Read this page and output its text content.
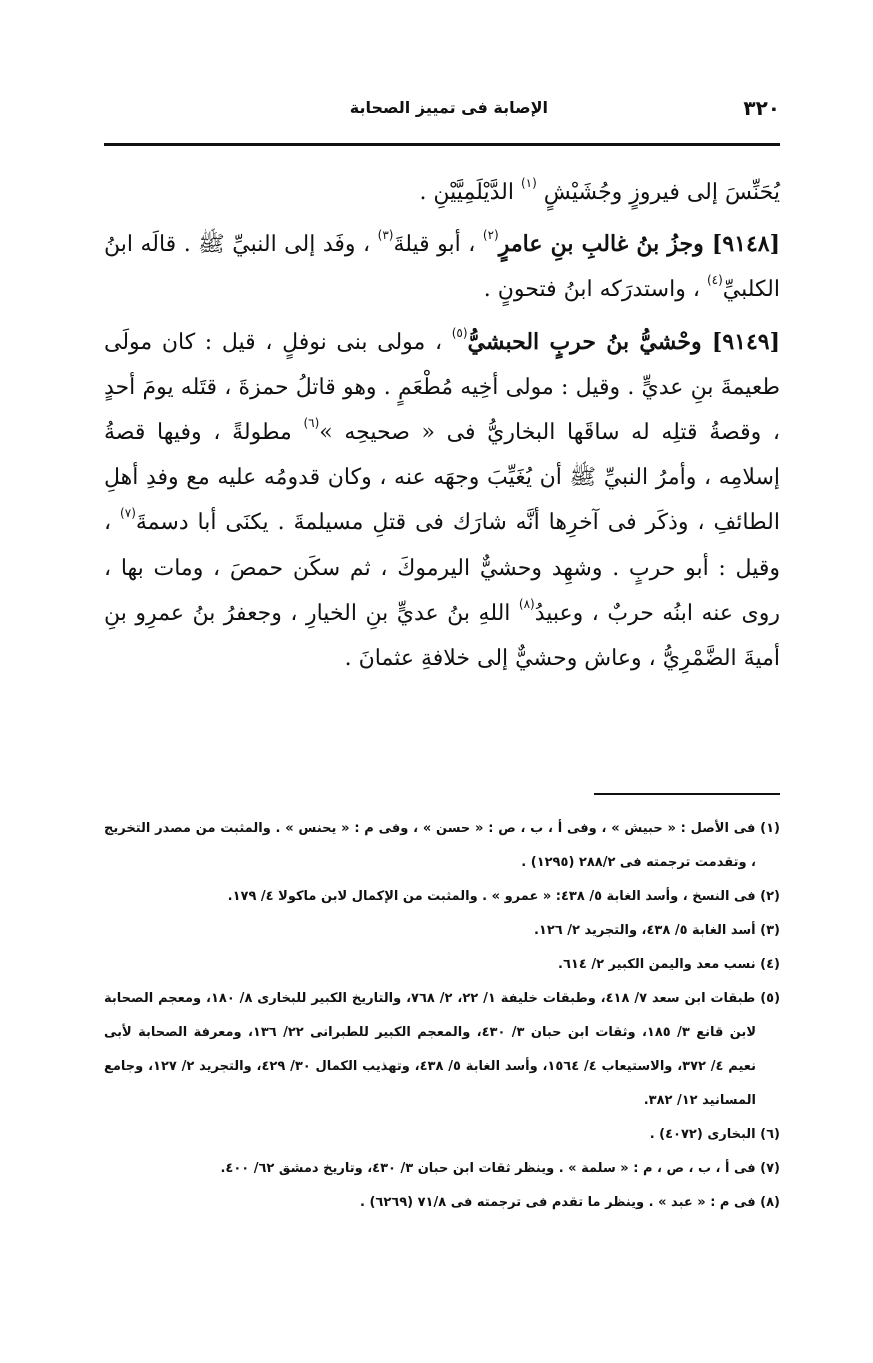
٣٢٠
الإصابة فى تمييز الصحابة

يُحَنِّسَ إلى فيروزٍ وجُشَيْشٍ $^{(١)}$ الدَّيْلَمِيَّيْنِ .

[٩١٤٨] وجزُ بنُ غالبِ بنِ عامرٍ$^{(٢)}$ ، أبو قيلةَ$^{(٣)}$ ، وفَد إلى النبيِّ ﷺ . قالَه ابنُ الكلبيِّ$^{(٤)}$ ، واستدرَكه ابنُ فتحونٍ .

[٩١٤٩] وحْشيُّ بنُ حربٍ الحبشيُّ$^{(٥)}$ ، مولى بنى نوفلٍ ، قيل : كان مولَى طعيمةَ بنِ عديٍّ . وقيل : مولى أخِيه مُطْعَمٍ . وهو قاتلُ حمزةَ ، قتَله يومَ أحدٍ ، وقصةُ قتلِه له ساقَها البخاريُّ فى « صحيحِه »$^{(٦)}$ مطولةً ، وفيها قصةُ إسلامِه ، وأمرُ النبيِّ ﷺ أن يُغَيِّبَ وجهَه عنه ، وكان قدومُه عليه مع وفدِ أهلِ الطائفِ ، وذكَر فى آخرِها أنَّه شارَك فى قتلِ مسيلمةَ . يكنَى أبا دسمةَ$^{(٧)}$ ، وقيل : أبو حربٍ . وشهِد وحشيٌّ اليرموكَ ، ثم سكَن حمصَ ، ومات بها ، روى عنه ابنُه حربٌ ، وعبيدُ$^{(٨)}$ اللهِ بنُ عديٍّ بنِ الخيارِ ، وجعفرُ بنُ عمرِو بنِ أميةَ الضَّمْرِيُّ ، وعاش وحشيٌّ إلى خلافةِ عثمانَ .

(١) فى الأصل : « حبيش » ، وفى أ ، ب ، ص : « حسن » ، وفى م : « يحنس » . والمثبت من مصدر التخريج ، وتقدمت ترجمته فى ٢٨٨/٢ (١٢٩٥) .

(٢) فى النسخ ، وأسد الغابة ٥/ ٤٣٨: « عمرو » . والمثبت من الإكمال لابن ماكولا ٤/ ١٧٩.

(٣) أسد الغابة ٥/ ٤٣٨، والتجريد ٢/ ١٢٦.

(٤) نسب معد واليمن الكبير ٢/ ٦١٤.

(٥) طبقات ابن سعد ٧/ ٤١٨، وطبقات خليفة ١/ ٢٢، ٢/ ٧٦٨، والتاريخ الكبير للبخارى ٨/ ١٨٠، ومعجم الصحابة لابن قانع ٣/ ١٨٥، وثقات ابن حبان ٣/ ٤٣٠، والمعجم الكبير للطبرانى ٢٢/ ١٣٦، ومعرفة الصحابة لأبى نعيم ٤/ ٣٧٢، والاستيعاب ٤/ ١٥٦٤، وأسد الغابة ٥/ ٤٣٨، وتهذيب الكمال ٣٠/ ٤٢٩، والتجريد ٢/ ١٢٧، وجامع المسانيد ١٢/ ٣٨٢.

(٦) البخارى (٤٠٧٢) .

(٧) فى أ ، ب ، ص ، م : « سلمة » . وينظر ثقات ابن حبان ٣/ ٤٣٠، وتاريخ دمشق ٦٢/ ٤٠٠.

(٨) فى م : « عبد » . وينظر ما تقدم فى ترجمته فى ٧١/٨ (٦٢٦٩) .
